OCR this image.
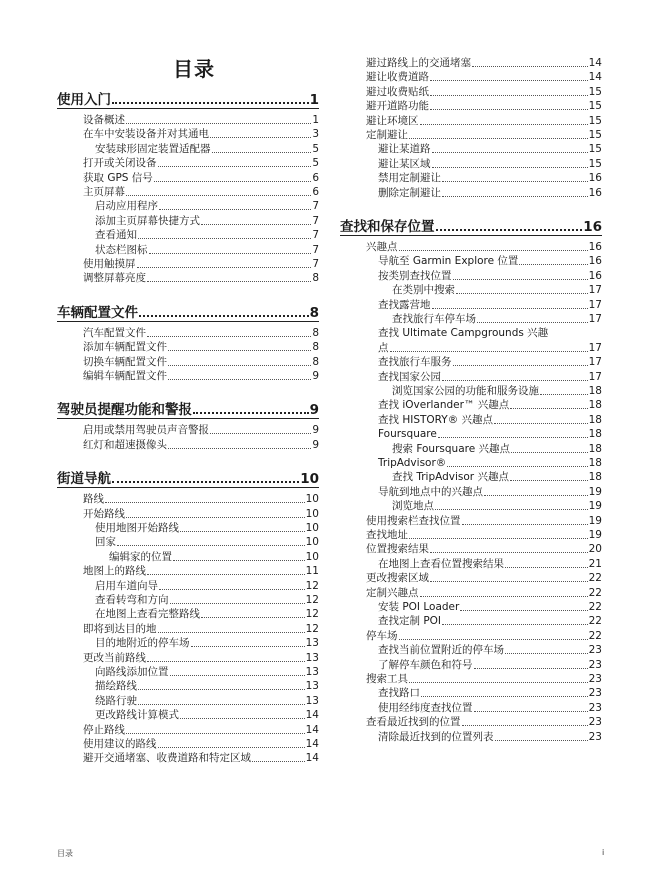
目录
使用入门	1
设备概述	1
在车中安装设备并对其通电	3
安装球形固定装置适配器	5
打开或关闭设备	5
获取 GPS 信号	6
主页屏幕	6
启动应用程序	7
添加主页屏幕快捷方式	7
查看通知	7
状态栏图标	7
使用触摸屏	7
调整屏幕亮度	8
车辆配置文件	8
汽车配置文件	8
添加车辆配置文件	8
切换车辆配置文件	8
编辑车辆配置文件	9
驾驶员提醒功能和警报	9
启用或禁用驾驶员声音警报	9
红灯和超速摄像头	9
街道导航	10
路线	10
开始路线	10
使用地图开始路线	10
回家	10
编辑家的位置	10
地图上的路线	11
启用车道向导	12
查看转弯和方向	12
在地图上查看完整路线	12
即将到达目的地	12
目的地附近的停车场	13
更改当前路线	13
向路线添加位置	13
描绘路线	13
绕路行驶	13
更改路线计算模式	14
停止路线	14
使用建议的路线	14
避开交通堵塞、收费道路和特定区域	14
避过路线上的交通堵塞	14
避让收费道路	14
避过收费贴纸	15
避开道路功能	15
避让环境区	15
定制避让	15
避让某道路	15
避让某区域	15
禁用定制避让	16
删除定制避让	16
查找和保存位置	16
兴趣点	16
导航至 Garmin Explore 位置	16
按类别查找位置	16
在类别中搜索	17
查找露营地	17
查找旅行车停车场	17
查找 Ultimate Campgrounds 兴趣
点	17
查找旅行车服务	17
查找国家公园	17
浏览国家公园的功能和服务设施	18
查找 iOverlander™ 兴趣点	18
查找 HISTORY® 兴趣点	18
Foursquare	18
搜索 Foursquare 兴趣点	18
TripAdvisor®	18
查找 TripAdvisor 兴趣点	18
导航到地点中的兴趣点	19
浏览地点	19
使用搜索栏查找位置	19
查找地址	19
位置搜索结果	20
在地图上查看位置搜索结果	21
更改搜索区域	22
定制兴趣点	22
安装 POI Loader	22
查找定制 POI	22
停车场	22
查找当前位置附近的停车场	23
了解停车颜色和符号	23
搜索工具	23
查找路口	23
使用经纬度查找位置	23
查看最近找到的位置	23
清除最近找到的位置列表	23
目录	i
